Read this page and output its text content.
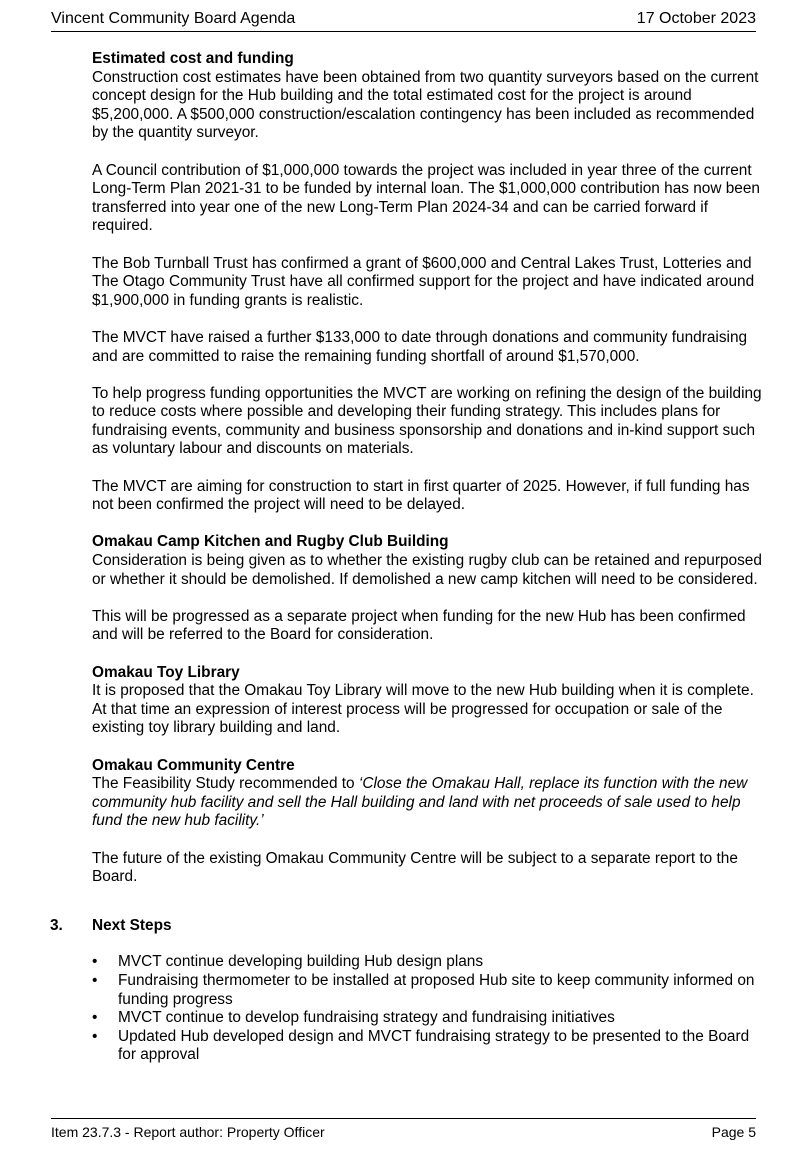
Vincent Community Board Agenda	17 October 2023
Estimated cost and funding

Construction cost estimates have been obtained from two quantity surveyors based on the current concept design for the Hub building and the total estimated cost for the project is around $5,200,000. A $500,000 construction/escalation contingency has been included as recommended by the quantity surveyor.

A Council contribution of $1,000,000 towards the project was included in year three of the current Long-Term Plan 2021-31 to be funded by internal loan. The $1,000,000 contribution has now been transferred into year one of the new Long-Term Plan 2024-34 and can be carried forward if required.

The Bob Turnball Trust has confirmed a grant of $600,000 and Central Lakes Trust, Lotteries and The Otago Community Trust have all confirmed support for the project and have indicated around $1,900,000 in funding grants is realistic.

The MVCT have raised a further $133,000 to date through donations and community fundraising and are committed to raise the remaining funding shortfall of around $1,570,000.

To help progress funding opportunities the MVCT are working on refining the design of the building to reduce costs where possible and developing their funding strategy. This includes plans for fundraising events, community and business sponsorship and donations and in-kind support such as voluntary labour and discounts on materials.

The MVCT are aiming for construction to start in first quarter of 2025. However, if full funding has not been confirmed the project will need to be delayed.

Omakau Camp Kitchen and Rugby Club Building

Consideration is being given as to whether the existing rugby club can be retained and repurposed or whether it should be demolished. If demolished a new camp kitchen will need to be considered.

This will be progressed as a separate project when funding for the new Hub has been confirmed and will be referred to the Board for consideration.

Omakau Toy Library

It is proposed that the Omakau Toy Library will move to the new Hub building when it is complete. At that time an expression of interest process will be progressed for occupation or sale of the existing toy library building and land.

Omakau Community Centre

The Feasibility Study recommended to ‘Close the Omakau Hall, replace its function with the new community hub facility and sell the Hall building and land with net proceeds of sale used to help fund the new hub facility.’

The future of the existing Omakau Community Centre will be subject to a separate report to the Board.

3. Next Steps
• MVCT continue developing building Hub design plans
• Fundraising thermometer to be installed at proposed Hub site to keep community informed on funding progress
• MVCT continue to develop fundraising strategy and fundraising initiatives
• Updated Hub developed design and MVCT fundraising strategy to be presented to the Board for approval
Item 23.7.3 - Report author: Property Officer	Page 5
